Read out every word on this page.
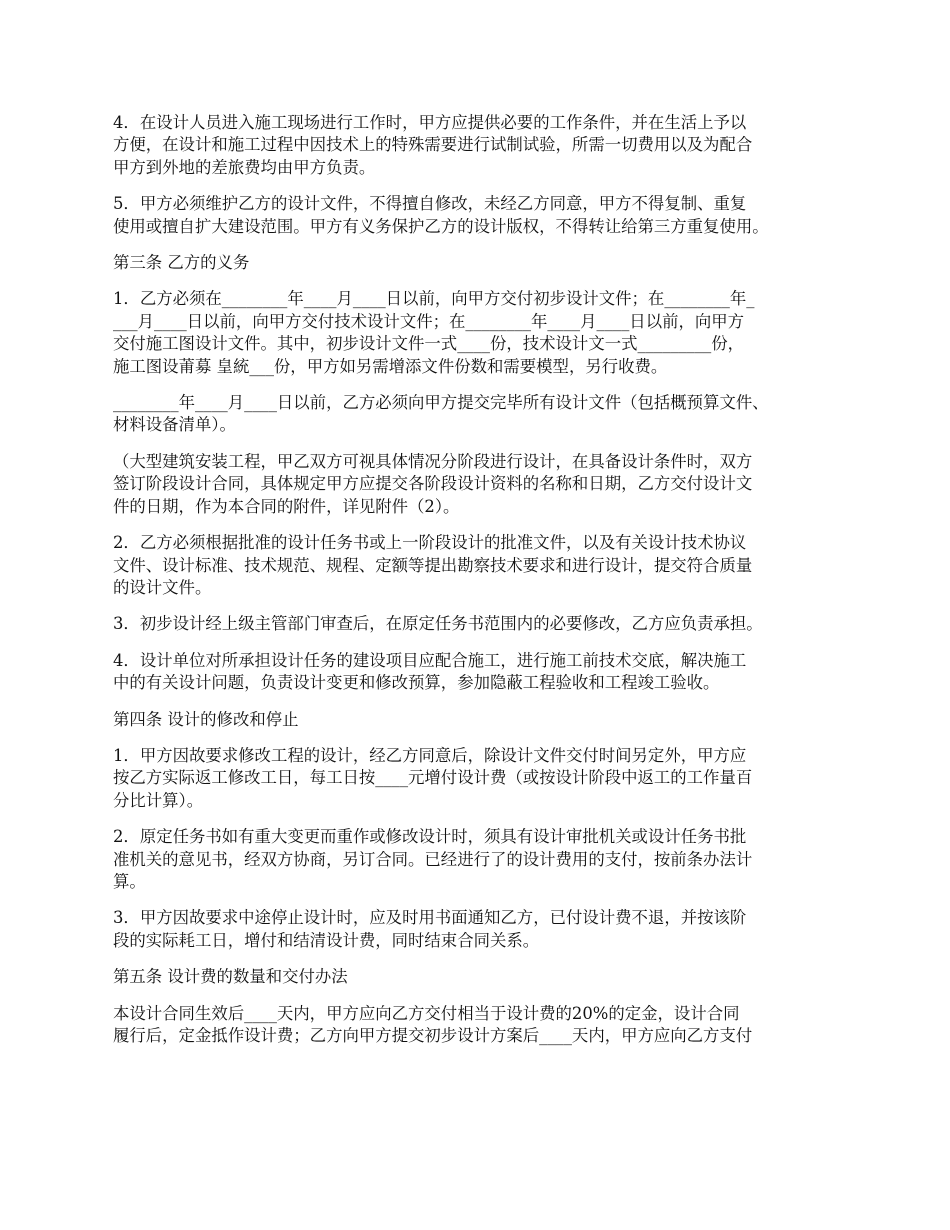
4．在设计人员进入施工现场进行工作时，甲方应提供必要的工作条件，并在生活上予以
方便，在设计和施工过程中因技术上的特殊需要进行试制试验，所需一切费用以及为配合
甲方到外地的差旅费均由甲方负责。
5．甲方必须维护乙方的设计文件，不得擅自修改，未经乙方同意，甲方不得复制、重复
使用或擅自扩大建设范围。甲方有义务保护乙方的设计版权，不得转让给第三方重复使用。
第三条 乙方的义务
1．乙方必须在________年____月____日以前，向甲方交付初步设计文件；在________年_
___月____日以前，向甲方交付技术设计文件；在________年____月____日以前，向甲方
交付施工图设计文件。其中，初步设计文件一式____份，技术设计文一式_________份，
施工图设莆募 皇統___份，甲方如另需增添文件份数和需要模型，另行收费。
________年____月____日以前，乙方必须向甲方提交完毕所有设计文件（包括概预算文件、
材料设备清单）。
（大型建筑安装工程，甲乙双方可视具体情况分阶段进行设计，在具备设计条件时，双方
签订阶段设计合同，具体规定甲方应提交各阶段设计资料的名称和日期，乙方交付设计文
件的日期，作为本合同的附件，详见附件（2）。
2．乙方必须根据批准的设计任务书或上一阶段设计的批准文件，以及有关设计技术协议
文件、设计标准、技术规范、规程、定额等提出勘察技术要求和进行设计，提交符合质量
的设计文件。
3．初步设计经上级主管部门审查后，在原定任务书范围内的必要修改，乙方应负责承担。
4．设计单位对所承担设计任务的建设项目应配合施工，进行施工前技术交底，解决施工
中的有关设计问题，负责设计变更和修改预算，参加隐蔽工程验收和工程竣工验收。
第四条 设计的修改和停止
1．甲方因故要求修改工程的设计，经乙方同意后，除设计文件交付时间另定外，甲方应
按乙方实际返工修改工日，每工日按____元增付设计费（或按设计阶段中返工的工作量百
分比计算）。
2．原定任务书如有重大变更而重作或修改设计时，须具有设计审批机关或设计任务书批
准机关的意见书，经双方协商，另订合同。已经进行了的设计费用的支付，按前条办法计
算。
3．甲方因故要求中途停止设计时，应及时用书面通知乙方，已付设计费不退，并按该阶
段的实际耗工日，增付和结清设计费，同时结束合同关系。
第五条 设计费的数量和交付办法
本设计合同生效后____天内，甲方应向乙方交付相当于设计费的20%的定金，设计合同
履行后，定金抵作设计费；乙方向甲方提交初步设计方案后____天内，甲方应向乙方支付
